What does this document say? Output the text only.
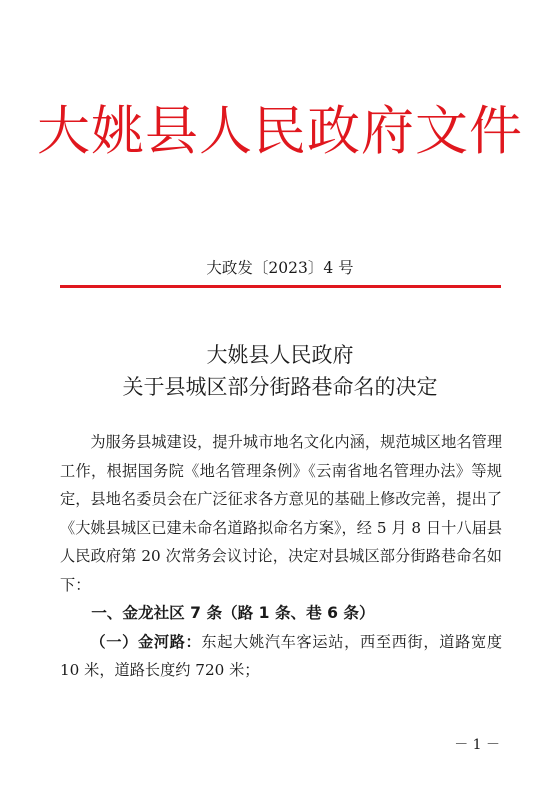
大姚县人民政府文件
大政发〔2023〕4 号
大姚县人民政府
关于县城区部分街路巷命名的决定

为服务县城建设，提升城市地名文化内涵，规范城区地名管理工作，根据国务院《地名管理条例》《云南省地名管理办法》等规定，县地名委员会在广泛征求各方意见的基础上修改完善，提出了《大姚县城区已建未命名道路拟命名方案》，经 5 月 8 日十八届县人民政府第 20 次常务会议讨论，决定对县城区部分街路巷命名如下：

一、金龙社区 7 条（路 1 条、巷 6 条）

（一）金河路：东起大姚汽车客运站，西至西街，道路宽度 10 米，道路长度约 720 米；

－ 1 －
